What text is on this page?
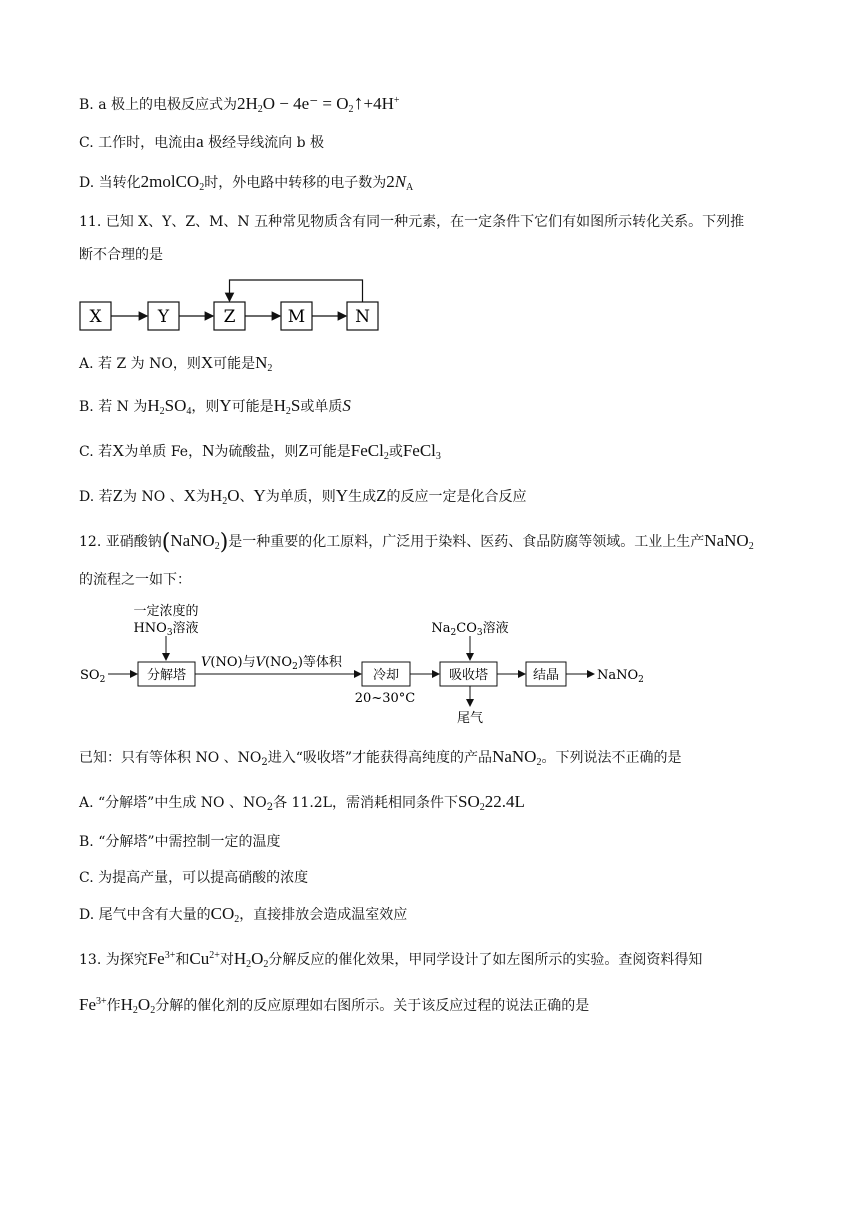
B. a 极上的电极反应式为$2H_2O - 4e^-$ = $O_2↑+4H^+$
C. 工作时，电流由a 极经导线流向 b 极
D. 当转化2molCO$_2$时，外电路中转移的电子数为$2N_A$
11. 已知 X、Y、Z、M、N 五种常见物质含有同一种元素，在一定条件下它们有如图所示转化关系。下列推
断不合理的是
X	Y	Z	M	N
A. 若 Z 为 NO，则X可能是$N_2$
B. 若 N 为$H_2SO_4$，则Y可能是$H_2S$或单质S
C. 若X为单质 Fe，N为硫酸盐，则Z可能是FeCl$_2$或FeCl$_3$
D. 若Z为 NO 、X为$H_2O$、Y为单质，则Y生成Z的反应一定是化合反应
12. 亚硝酸钠(NaNO$_2$)是一种重要的化工原料，广泛用于染料、医药、食品防腐等领域。工业上生产NaNO$_2$
的流程之一如下：
一定浓度的
$HNO_3$溶液
$SO_2$	分解塔
V(NO)与$V(NO_2)$等体积
冷却
20~30°C
$Na_2CO_3$溶液
吸收塔
尾气
结晶	NaNO$_2$
已知：只有等体积 NO 、$NO_2$进入“吸收塔”才能获得高纯度的产品NaNO$_2$。下列说法不正确的是
A. “分解塔”中生成 NO 、$NO_2$各 11.2L，需消耗相同条件下$SO_222.4L$
B. “分解塔”中需控制一定的温度
C. 为提高产量，可以提高硝酸的浓度
D. 尾气中含有大量的$CO_2$，直接排放会造成温室效应
13. 为探究$Fe^{3+}$和$Cu^{2+}$对$H_2O_2$分解反应的催化效果，甲同学设计了如左图所示的实验。查阅资料得知
$Fe^{3+}$作$H_2O_2$分解的催化剂的反应原理如右图所示。关于该反应过程的说法正确的是
